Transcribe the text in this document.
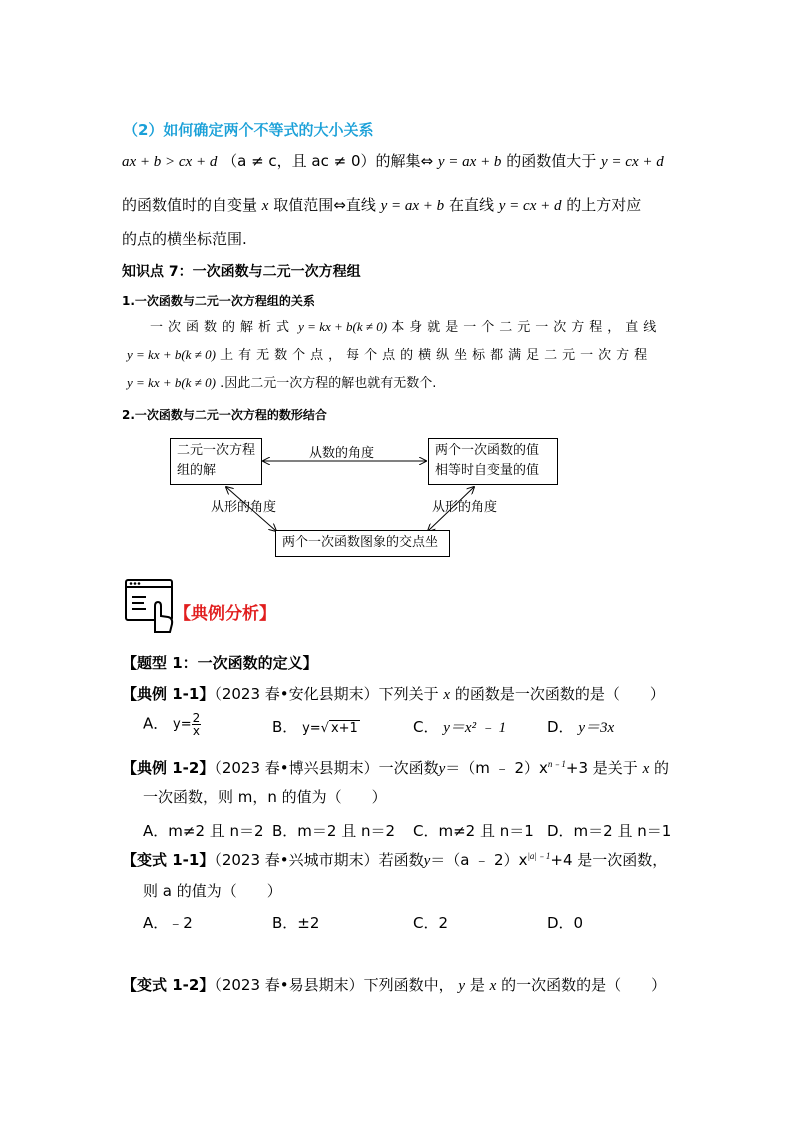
（2）如何确定两个不等式的大小关系
ax + b > cx + d （a ≠ c，且 ac ≠ 0）的解集⇔ y = ax + b 的函数值大于 y = cx + d
的函数值时的自变量 x 取值范围⇔直线 y = ax + b 在直线 y = cx + d 的上方对应
的点的横坐标范围.
知识点 7：一次函数与二元一次方程组
1.一次函数与二元一次方程组的关系
一次函数的解析式 y = kx + b(k ≠ 0) 本身就是一个二元一次方程，直线
y = kx + b(k ≠ 0) 上有无数个点，每个点的横纵坐标都满足二元一次方程
y = kx + b(k ≠ 0) .因此二元一次方程的解也就有无数个.
2.一次函数与二元一次方程的数形结合
二元一次方程组的解
两个一次函数的值相等时自变量的值
两个一次函数图象的交点坐
从数的角度
从形的角度	从形的角度
【典例分析】
【题型 1：一次函数的定义】
【典例 1-1】（2023 春•安化县期末）下列关于 x 的函数是一次函数的是（　　）
A． $y= \frac{2}{x}$	B． y=√ x+1	C． y＝x² ﹣ 1	D． y＝3x
【典例 1-2】（2023 春•博兴县期末）一次函数y＝（m ﹣ $2)x^{n﹣1}+3$ 是关于 x 的
一次函数，则 m，n 的值为（　　）
A．m≠2 且 n＝2 B．m＝2 且 n＝2 C．m≠2 且 n＝1 D．m＝2 且 n＝1
【变式 1-1】（2023 春•兴城市期末）若函数y＝（a ﹣ $2)x^{|a|﹣1}+4$ 是一次函数，
则 a 的值为（　　）
A．﹣2	B．±2	C．2	D．0
【变式 1-2】（2023 春•易县期末）下列函数中， y 是 x 的一次函数的是（　　）
